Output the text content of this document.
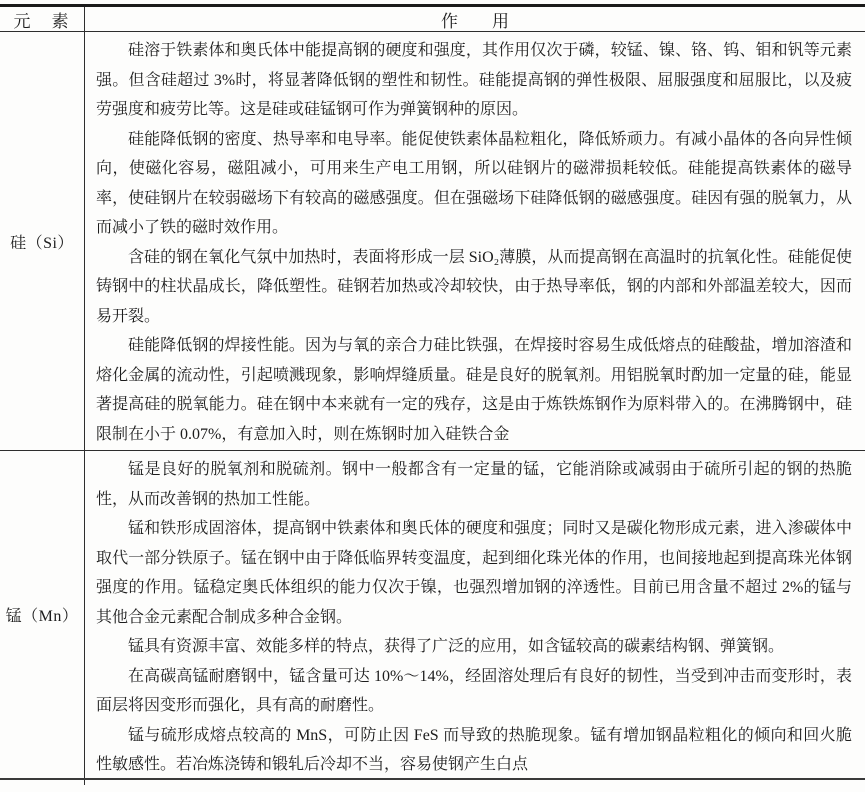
元　素	作　　用
硅（Si）

硅溶于铁素体和奥氏体中能提高钢的硬度和强度，其作用仅次于磷，较锰、镍、铬、钨、钼和钒等元素强。但含硅超过 3%时，将显著降低钢的塑性和韧性。硅能提高钢的弹性极限、屈服强度和屈服比，以及疲劳强度和疲劳比等。这是硅或硅锰钢可作为弹簧钢种的原因。

硅能降低钢的密度、热导率和电导率。能促使铁素体晶粒粗化，降低矫顽力。有减小晶体的各向异性倾向，使磁化容易，磁阻减小，可用来生产电工用钢，所以硅钢片的磁滞损耗较低。硅能提高铁素体的磁导率，使硅钢片在较弱磁场下有较高的磁感强度。但在强磁场下硅降低钢的磁感强度。硅因有强的脱氧力，从而减小了铁的磁时效作用。

含硅的钢在氧化气氛中加热时，表面将形成一层 SiO₂薄膜，从而提高钢在高温时的抗氧化性。硅能促使铸钢中的柱状晶成长，降低塑性。硅钢若加热或冷却较快，由于热导率低，钢的内部和外部温差较大，因而易开裂。

硅能降低钢的焊接性能。因为与氧的亲合力硅比铁强，在焊接时容易生成低熔点的硅酸盐，增加溶渣和熔化金属的流动性，引起喷溅现象，影响焊缝质量。硅是良好的脱氧剂。用铝脱氧时酌加一定量的硅，能显著提高硅的脱氧能力。硅在钢中本来就有一定的残存，这是由于炼铁炼钢作为原料带入的。在沸腾钢中，硅限制在小于 0.07%，有意加入时，则在炼钢时加入硅铁合金

锰（Mn）

锰是良好的脱氧剂和脱硫剂。钢中一般都含有一定量的锰，它能消除或减弱由于硫所引起的钢的热脆性，从而改善钢的热加工性能。

锰和铁形成固溶体，提高钢中铁素体和奥氏体的硬度和强度；同时又是碳化物形成元素，进入渗碳体中取代一部分铁原子。锰在钢中由于降低临界转变温度，起到细化珠光体的作用，也间接地起到提高珠光体钢强度的作用。锰稳定奥氏体组织的能力仅次于镍，也强烈增加钢的淬透性。目前已用含量不超过 2%的锰与其他合金元素配合制成多种合金钢。

锰具有资源丰富、效能多样的特点，获得了广泛的应用，如含锰较高的碳素结构钢、弹簧钢。

在高碳高锰耐磨钢中，锰含量可达 10%～14%，经固溶处理后有良好的韧性，当受到冲击而变形时，表面层将因变形而强化，具有高的耐磨性。

锰与硫形成熔点较高的 MnS，可防止因 FeS 而导致的热脆现象。锰有增加钢晶粒粗化的倾向和回火脆性敏感性。若冶炼浇铸和锻轧后冷却不当，容易使钢产生白点
